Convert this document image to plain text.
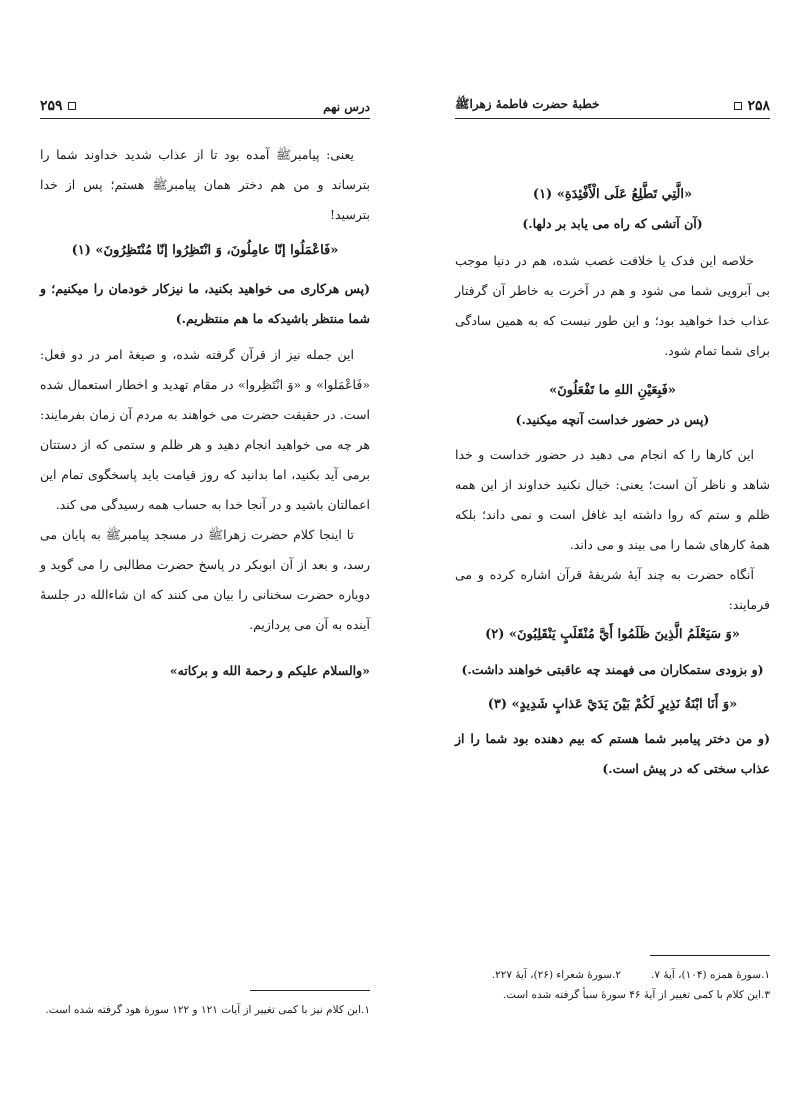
درس نهم
۲۵۹

یعنی: پیامبرﷺ آمده بود تا از عذاب شدید خداوند شما را بترساند و من هم دختر همان پیامبرﷺ هستم؛ پس از خدا بترسید!

«فَاعْمَلُوا إنّا عامِلُونَ، وَ انْتَظِرُوا إنّا مُنْتَظِرُونَ» (۱)

(پس هرکاری می خواهید بکنید، ما نیزکار خودمان را میکنیم؛ و شما منتظر باشیدکه ما هم منتظریم.)

این جمله نیز از قرآن گرفته شده، و صیغهٔ امر در دو فعل: «فَاعْمَلوا» و «وَ انْتَظِروا» در مقام تهدید و اخطار استعمال شده است. در حقیقت حضرت می خواهند به مردم آن زمان بفرمایند: هر چه می خواهید انجام دهید و هر ظلم و ستمی که از دستتان برمی آید بکنید، اما بدانید که روز قیامت باید پاسخگوی تمام این اعمالتان باشید و در آنجا خدا به حساب همه رسیدگی می کند.

تا اینجا کلام حضرت زهراﷺ در مسجد پیامبرﷺ به پایان می رسد، و بعد از آن ابوبکر در پاسخ حضرت مطالبی را می گوید و دوباره حضرت سخنانی را بیان می کنند که ان شاءالله در جلسهٔ آینده به آن می پردازیم.

«والسلام علیکم و رحمة الله و برکاته»

۱.این کلام نیز با کمی تغییر از آیات ۱۲۱ و ۱۲۲ سورهٔ هود گرفته شده است.

۲۵۸
خطبهٔ حضرت فاطمهٔ زهراﷺ

«الَّتِي تَطَّلِعُ عَلَى الْأَفْئِدَةِ» (۱)

(آن آتشی که راه می یابد بر دلها.)

خلاصه این فدک یا خلافت غصب شده، هم در دنیا موجب بی آبرویی شما می شود و هم در آخرت به خاطر آن گرفتار عذاب خدا خواهید بود؛ و این طور نیست که به همین سادگی برای شما تمام شود.

«فَبِعَيْنِ اللهِ ما تَفْعَلُونَ»

(پس در حضور خداست آنچه میکنید.)

این کارها را که انجام می دهید در حضور خداست و خدا شاهد و ناظر آن است؛ یعنی: خیال نکنید خداوند از این همه ظلم و ستم که روا داشته اید غافل است و نمی داند؛ بلکه همهٔ کارهای شما را می بیند و می داند.

آنگاه حضرت به چند آیهٔ شریفهٔ قرآن اشاره کرده و می فرمایند:

«وَ سَيَعْلَمُ الَّذِينَ ظَلَمُوا أَيَّ مُنْقَلَبٍ يَنْقَلِبُونَ» (۲)

(و بزودی ستمکاران می فهمند چه عاقبتی خواهند داشت.)

«وَ أَنَا ابْنَةُ نَذِيرٍ لَكُمْ بَيْنَ يَدَيْ عَذابٍ شَدِيدٍ» (۳)

(و من دختر پیامبر شما هستم که بیم دهنده بود شما را از عذاب سختی که در پیش است.)

۱.سورهٔ همزه (۱۰۴)، آیهٔ ۷.

۲.سورهٔ شعراء (۲۶)، آیهٔ ۲۲۷.

۳.این کلام با کمی تغییر از آیهٔ ۴۶ سورهٔ سبأ گرفته شده است.
